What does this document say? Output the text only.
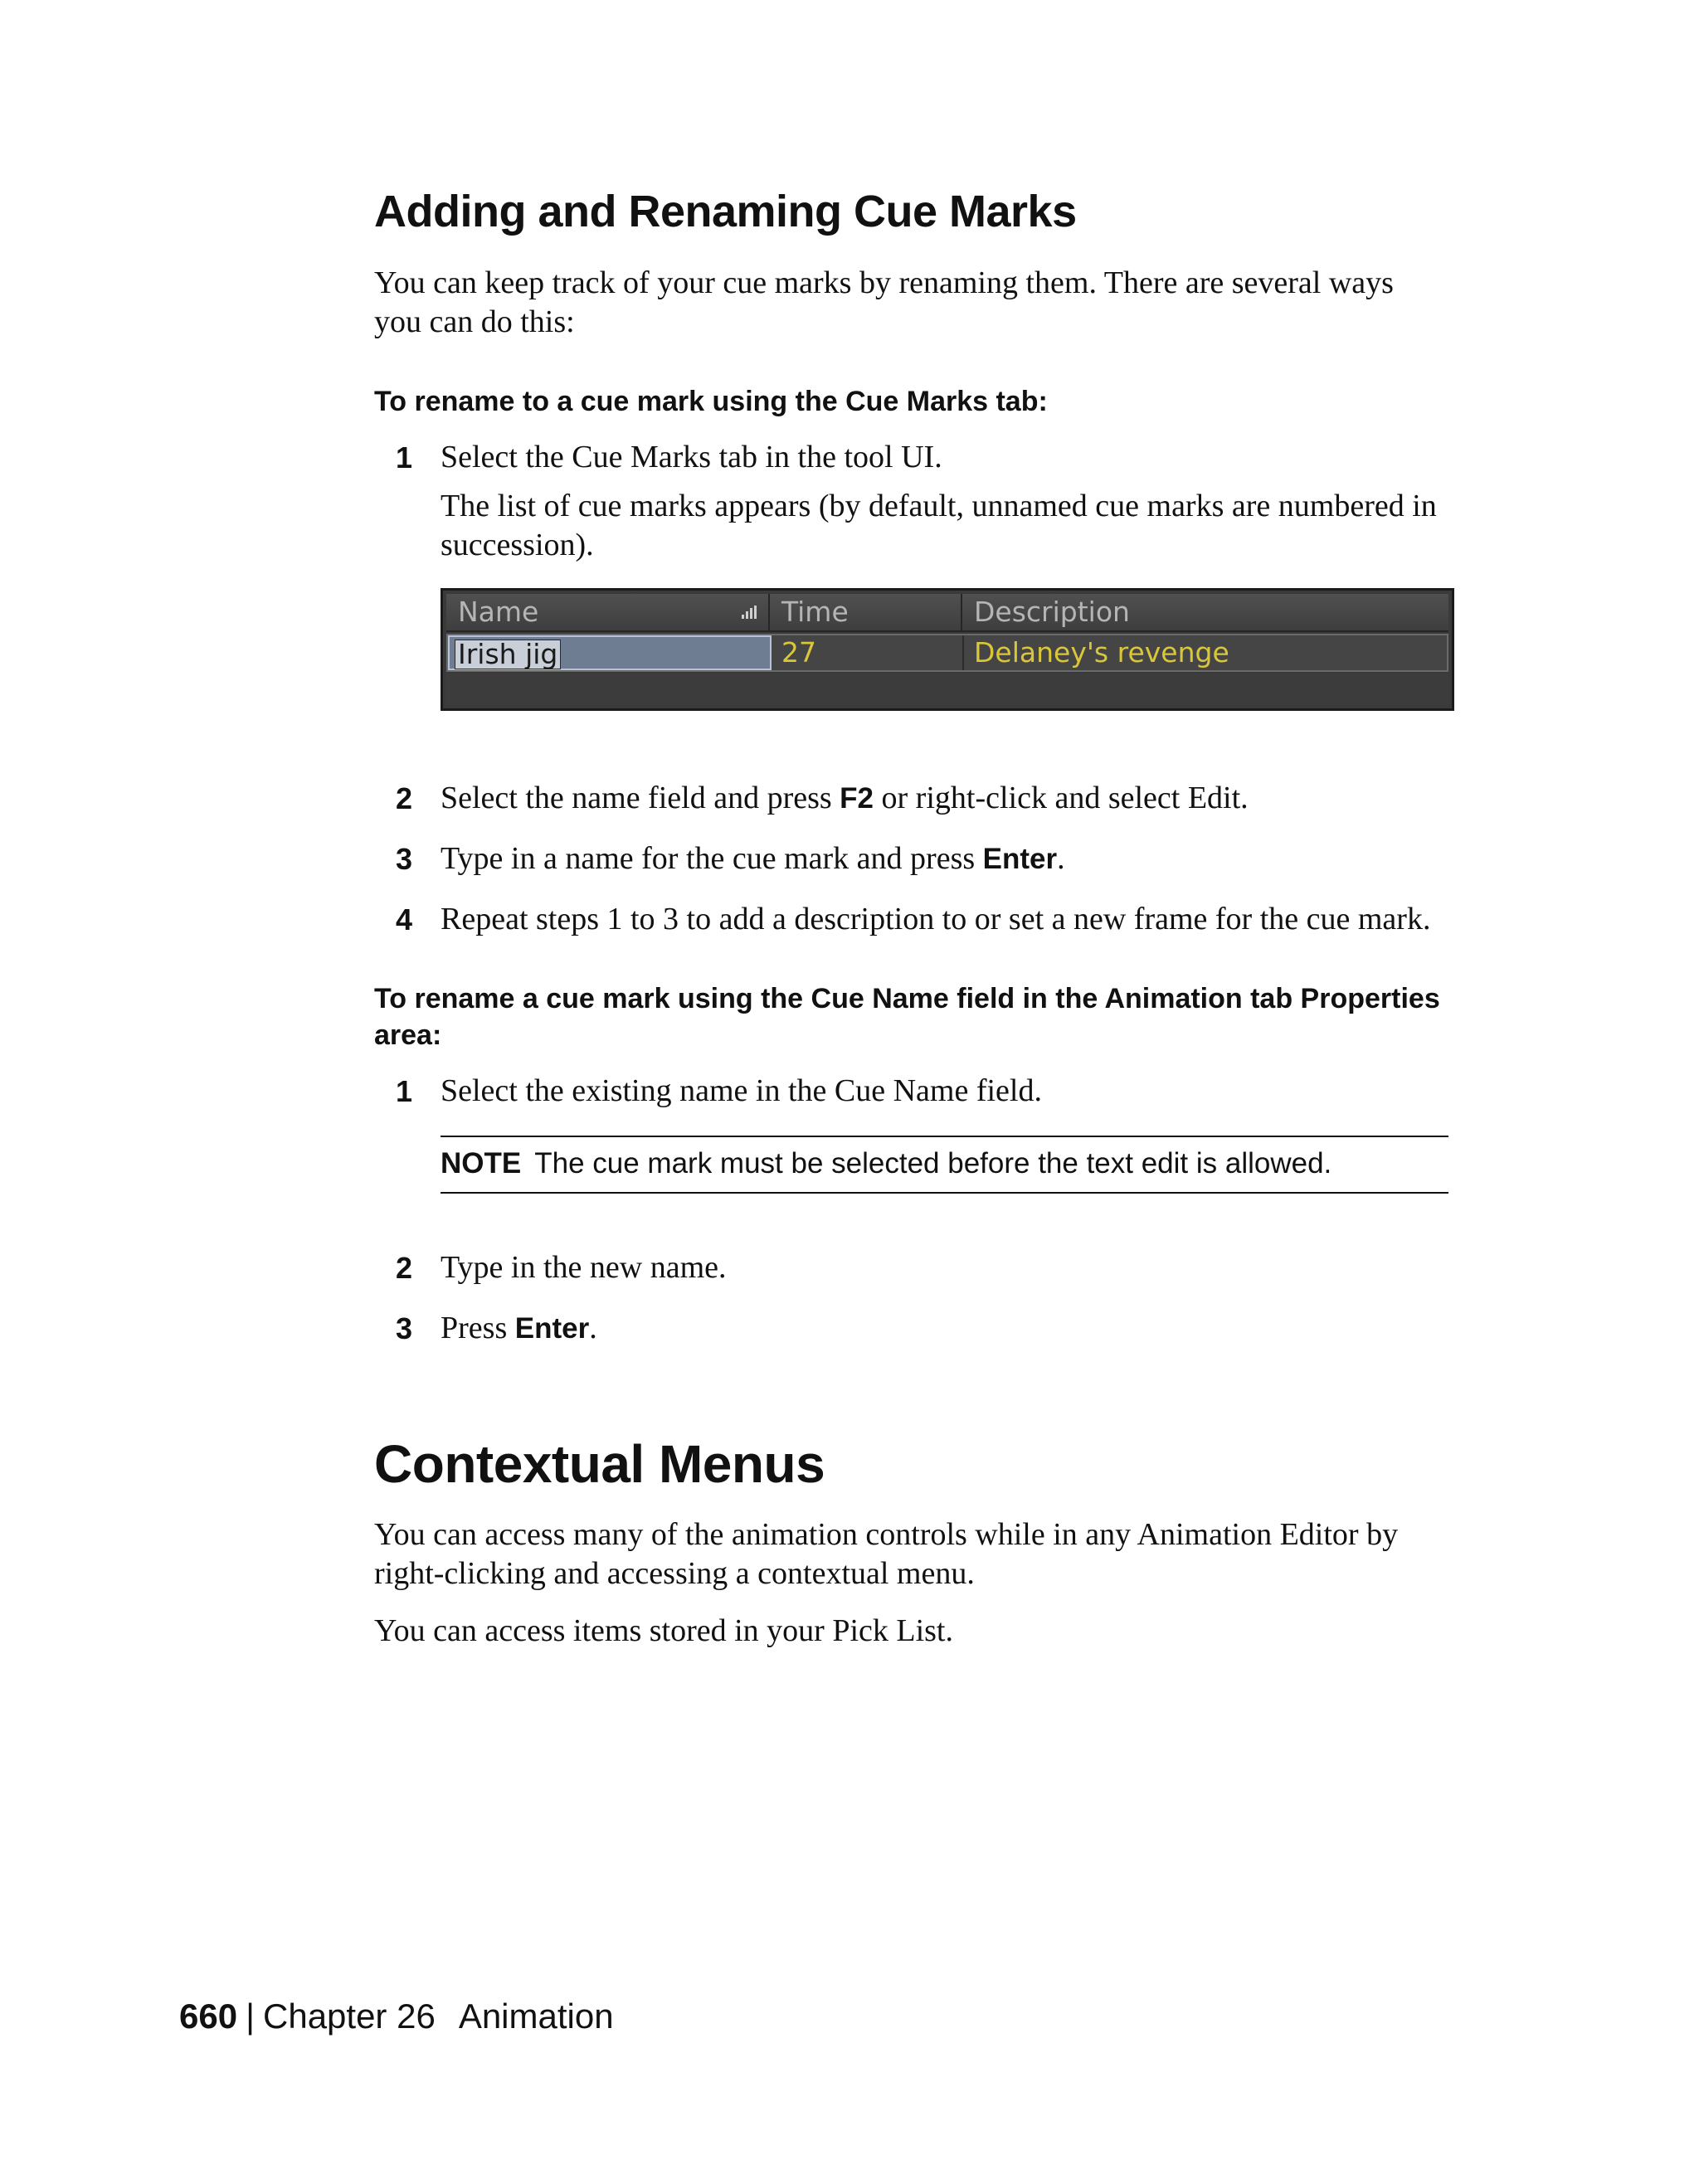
Adding and Renaming Cue Marks

You can keep track of your cue marks by renaming them. There are several ways you can do this:

To rename to a cue mark using the Cue Marks tab:
1 Select the Cue Marks tab in the tool UI.
The list of cue marks appears (by default, unnamed cue marks are numbered in succession).
Name	Time	Description
Irish jig	27	Delaney's revenge
2 Select the name field and press F2 or right-click and select Edit.
3 Type in a name for the cue mark and press Enter.
4 Repeat steps 1 to 3 to add a description to or set a new frame for the cue mark.
To rename a cue mark using the Cue Name field in the Animation tab Properties area:
1 Select the existing name in the Cue Name field.
NOTE The cue mark must be selected before the text edit is allowed.
2 Type in the new name.
3 Press Enter.
Contextual Menus

You can access many of the animation controls while in any Animation Editor by right-clicking and accessing a contextual menu.

You can access items stored in your Pick List.

660 | Chapter 26 Animation
